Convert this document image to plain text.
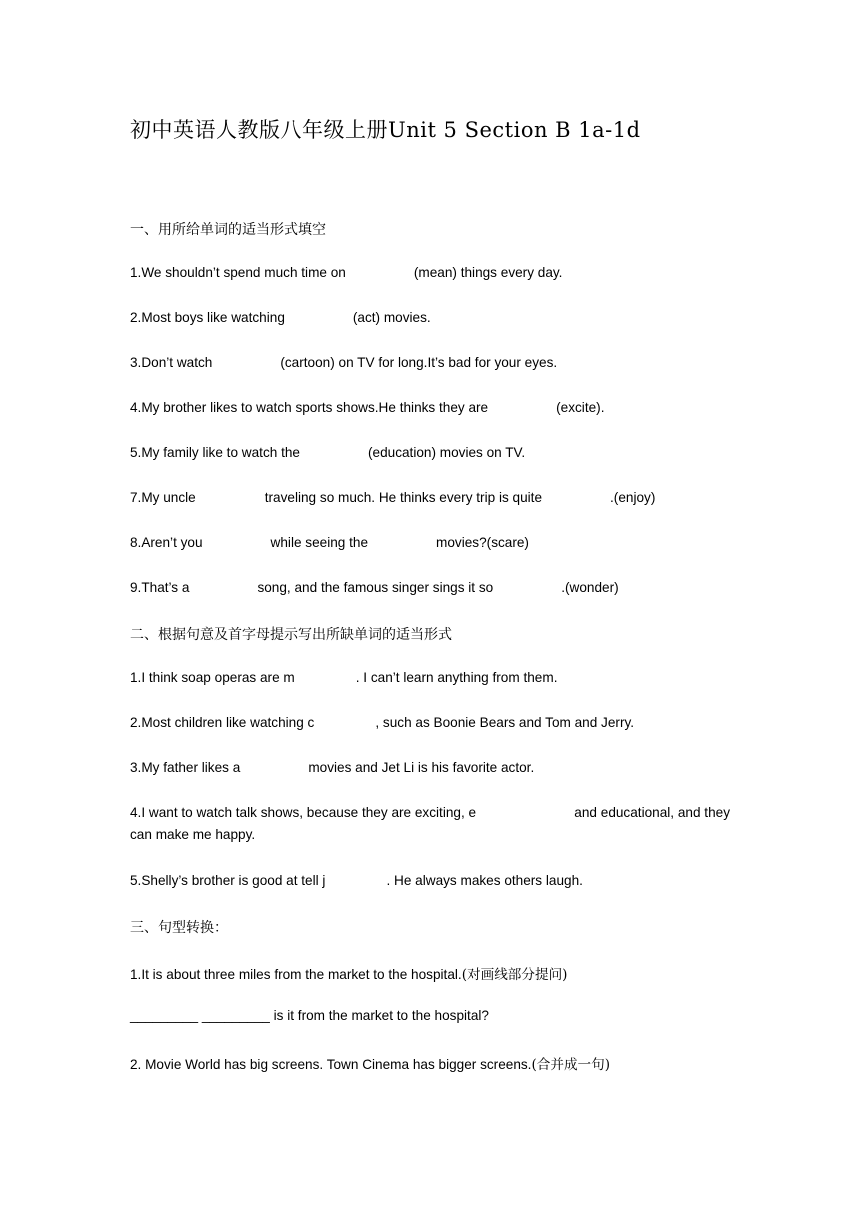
初中英语人教版八年级上册Unit 5 Section B 1a-1d
一、用所给单词的适当形式填空
1.We shouldn’t spend much time on	(mean) things every day.
2.Most boys like watching	(act) movies.
3.Don’t watch	(cartoon) on TV for long.It’s bad for your eyes.
4.My brother likes to watch sports shows.He thinks they are	(excite).
5.My family like to watch the	(education) movies on TV.
7.My uncle	traveling so much. He thinks every trip is quite	.(enjoy)
8.Aren’t you	while seeing the	movies?(scare)
9.That’s a	song, and the famous singer sings it so	.(wonder)
二、根据句意及首字母提示写出所缺单词的适当形式
1.I think soap operas are m	. I can’t learn anything from them.
2.Most children like watching c	, such as Boonie Bears and Tom and Jerry.
3.My father likes a	movies and Jet Li is his favorite actor.
4.I want to watch talk shows, because they are exciting, e	and educational, and they
can make me happy.
5.Shelly’s brother is good at tell j	. He always makes others laugh.
三、句型转换：
1.It is about three miles from the market to the hospital.(对画线部分提问)
_________ _________ is it from the market to the hospital?
2. Movie World has big screens. Town Cinema has bigger screens.(合并成一句)
